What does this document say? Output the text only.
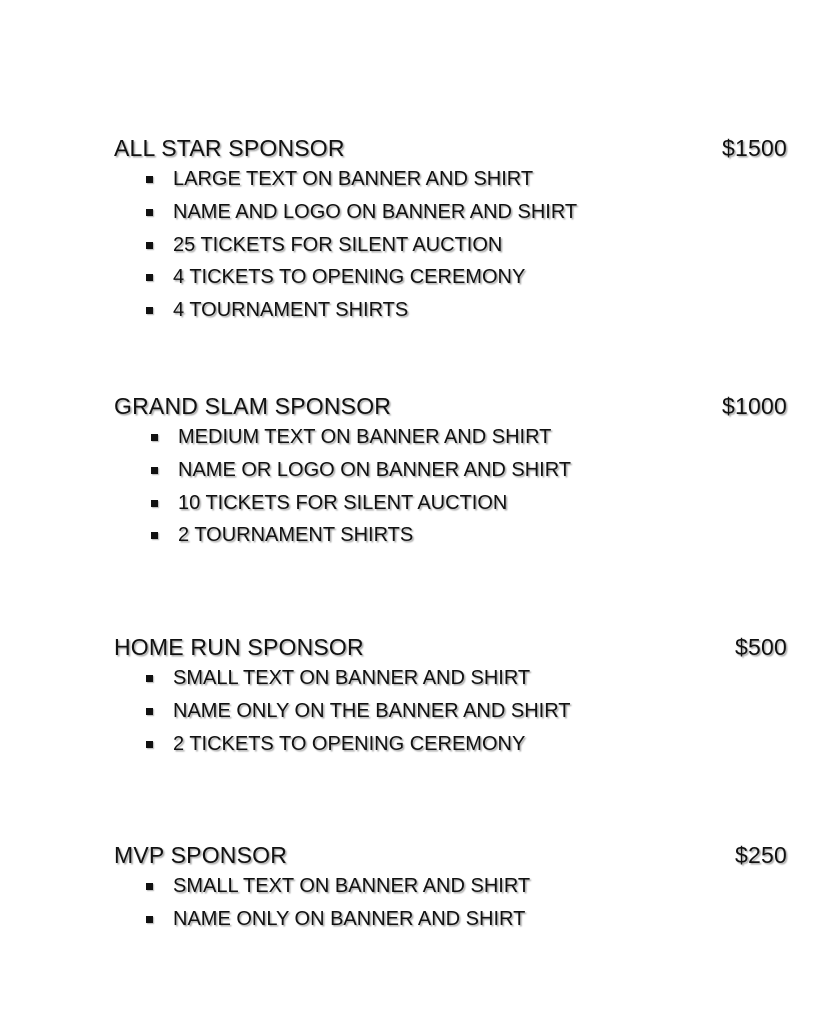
ALL STAR SPONSOR	$1500
LARGE TEXT ON BANNER AND SHIRT
NAME AND LOGO ON BANNER AND SHIRT
25 TICKETS FOR SILENT AUCTION
4 TICKETS TO OPENING CEREMONY
4 TOURNAMENT SHIRTS
GRAND SLAM SPONSOR	$1000
MEDIUM TEXT ON BANNER AND SHIRT
NAME OR LOGO ON BANNER AND SHIRT
10 TICKETS FOR SILENT AUCTION
2 TOURNAMENT SHIRTS
HOME RUN SPONSOR	$500
SMALL TEXT ON BANNER AND SHIRT
NAME ONLY ON THE BANNER AND SHIRT
2 TICKETS TO OPENING CEREMONY
MVP SPONSOR	$250
SMALL TEXT ON BANNER AND SHIRT
NAME ONLY ON BANNER AND SHIRT
